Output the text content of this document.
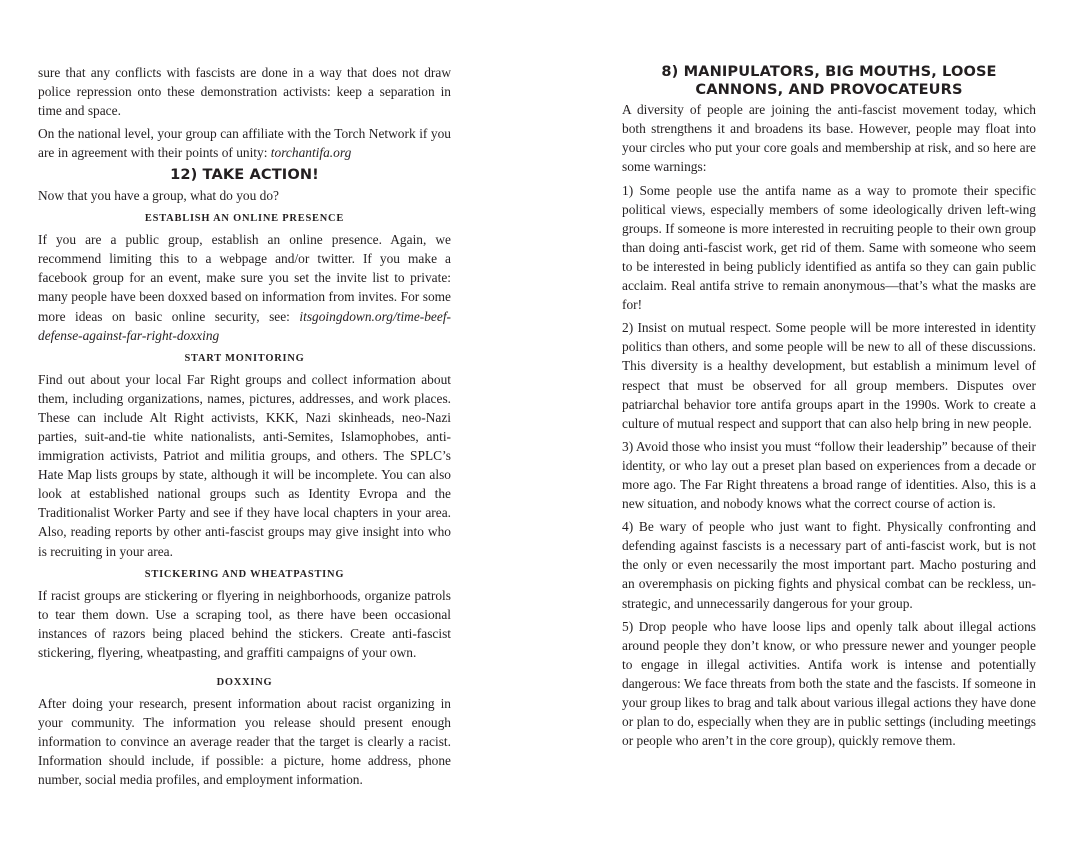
sure that any conflicts with fascists are done in a way that does not draw police repression onto these demonstration activists: keep a separation in time and space.

On the national level, your group can affiliate with the Torch Network if you are in agreement with their points of unity: torchantifa.org

12) TAKE ACTION!

Now that you have a group, what do you do?

ESTABLISH AN ONLINE PRESENCE

If you are a public group, establish an online presence. Again, we recommend limiting this to a webpage and/or twitter. If you make a facebook group for an event, make sure you set the invite list to private: many people have been doxxed based on information from invites. For some more ideas on basic online security, see: itsgoingdown.org/time-beef-defense-against-far-right-doxxing

START MONITORING

Find out about your local Far Right groups and collect information about them, including organizations, names, pictures, addresses, and work places. These can include Alt Right activists, KKK, Nazi skinheads, neo-Nazi parties, suit-and-tie white nationalists, anti-Semites, Islamophobes, anti-immigration activists, Patriot and militia groups, and others. The SPLC’s Hate Map lists groups by state, although it will be incomplete. You can also look at established national groups such as Identity Evropa and the Traditionalist Worker Party and see if they have local chapters in your area. Also, reading reports by other anti-fascist groups may give insight into who is recruiting in your area.

STICKERING AND WHEATPASTING

If racist groups are stickering or flyering in neighborhoods, organize patrols to tear them down. Use a scraping tool, as there have been occasional instances of razors being placed behind the stickers. Create anti-fascist stickering, flyering, wheatpasting, and graffiti campaigns of your own.

DOXXING

After doing your research, present information about racist organizing in your community. The information you release should present enough information to convince an average reader that the target is clearly a racist. Information should include, if possible: a picture, home address, phone number, social media profiles, and employment information.

8) MANIPULATORS, BIG MOUTHS, LOOSE
CANNONS, AND PROVOCATEURS

A diversity of people are joining the anti-fascist movement today, which both strengthens it and broadens its base. However, people may float into your circles who put your core goals and membership at risk, and so here are some warnings:

1) Some people use the antifa name as a way to promote their specific political views, especially members of some ideologically driven left-wing groups. If someone is more interested in recruiting people to their own group than doing anti-fascist work, get rid of them. Same with someone who seem to be interested in being publicly identified as antifa so they can gain public acclaim. Real antifa strive to remain anonymous—that’s what the masks are for!

2) Insist on mutual respect. Some people will be more interested in identity politics than others, and some people will be new to all of these discussions. This diversity is a healthy development, but establish a minimum level of respect that must be observed for all group members. Disputes over patriarchal behavior tore antifa groups apart in the 1990s. Work to create a culture of mutual respect and support that can also help bring in new people.

3) Avoid those who insist you must “follow their leadership” because of their identity, or who lay out a preset plan based on experiences from a decade or more ago. The Far Right threatens a broad range of identities. Also, this is a new situation, and nobody knows what the correct course of action is.

4) Be wary of people who just want to fight. Physically confronting and defending against fascists is a necessary part of anti-fascist work, but is not the only or even necessarily the most important part. Macho posturing and an overemphasis on picking fights and physical combat can be reckless, un-strategic, and unnecessarily dangerous for your group.

5) Drop people who have loose lips and openly talk about illegal actions around people they don’t know, or who pressure newer and younger people to engage in illegal activities. Antifa work is intense and potentially dangerous: We face threats from both the state and the fascists. If someone in your group likes to brag and talk about various illegal actions they have done or plan to do, especially when they are in public settings (including meetings or people who aren’t in the core group), quickly remove them.
